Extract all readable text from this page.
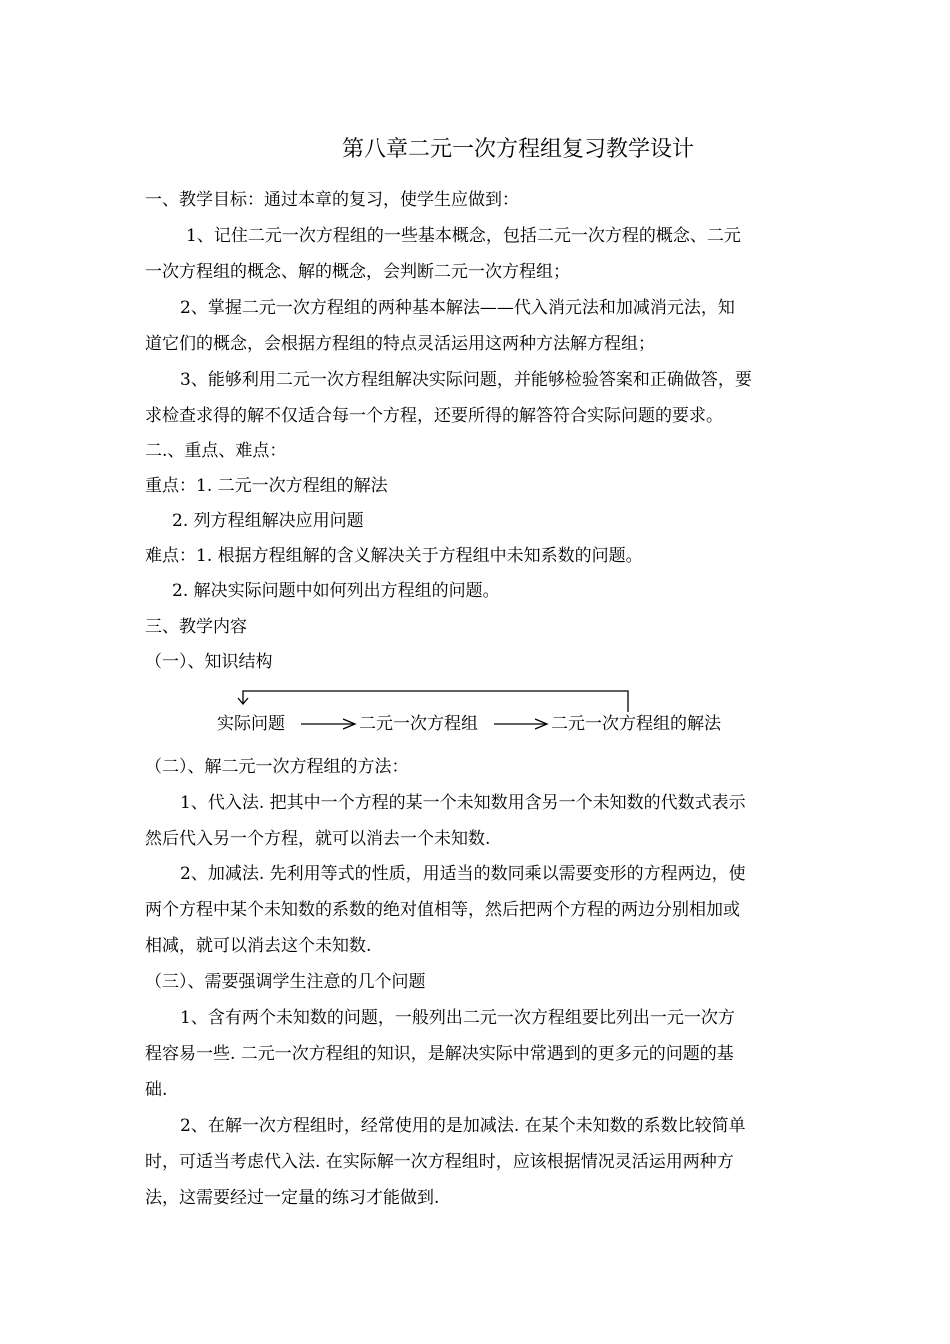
第八章二元一次方程组复习教学设计
一、教学目标：通过本章的复习，使学生应做到：
1、记住二元一次方程组的一些基本概念，包括二元一次方程的概念、二元
一次方程组的概念、解的概念，会判断二元一次方程组；
2、掌握二元一次方程组的两种基本解法——代入消元法和加减消元法，知
道它们的概念，会根据方程组的特点灵活运用这两种方法解方程组；
3、能够利用二元一次方程组解决实际问题，并能够检验答案和正确做答，要
求检查求得的解不仅适合每一个方程，还要所得的解答符合实际问题的要求。
二.、重点、难点：
重点：1. 二元一次方程组的解法
2. 列方程组解决应用问题
难点：1. 根据方程组解的含义解决关于方程组中未知系数的问题。
2. 解决实际问题中如何列出方程组的问题。
三、教学内容
（一）、知识结构
实际问题	二元一次方程组	二元一次方程组的解法
（二）、解二元一次方程组的方法：
1、代入法. 把其中一个方程的某一个未知数用含另一个未知数的代数式表示
然后代入另一个方程，就可以消去一个未知数.
2、加减法. 先利用等式的性质，用适当的数同乘以需要变形的方程两边，使
两个方程中某个未知数的系数的绝对值相等，然后把两个方程的两边分别相加或
相减，就可以消去这个未知数.
（三）、需要强调学生注意的几个问题
1、含有两个未知数的问题，一般列出二元一次方程组要比列出一元一次方
程容易一些. 二元一次方程组的知识，是解决实际中常遇到的更多元的问题的基
础.
2、在解一次方程组时，经常使用的是加减法. 在某个未知数的系数比较简单
时，可适当考虑代入法. 在实际解一次方程组时，应该根据情况灵活运用两种方
法，这需要经过一定量的练习才能做到.
